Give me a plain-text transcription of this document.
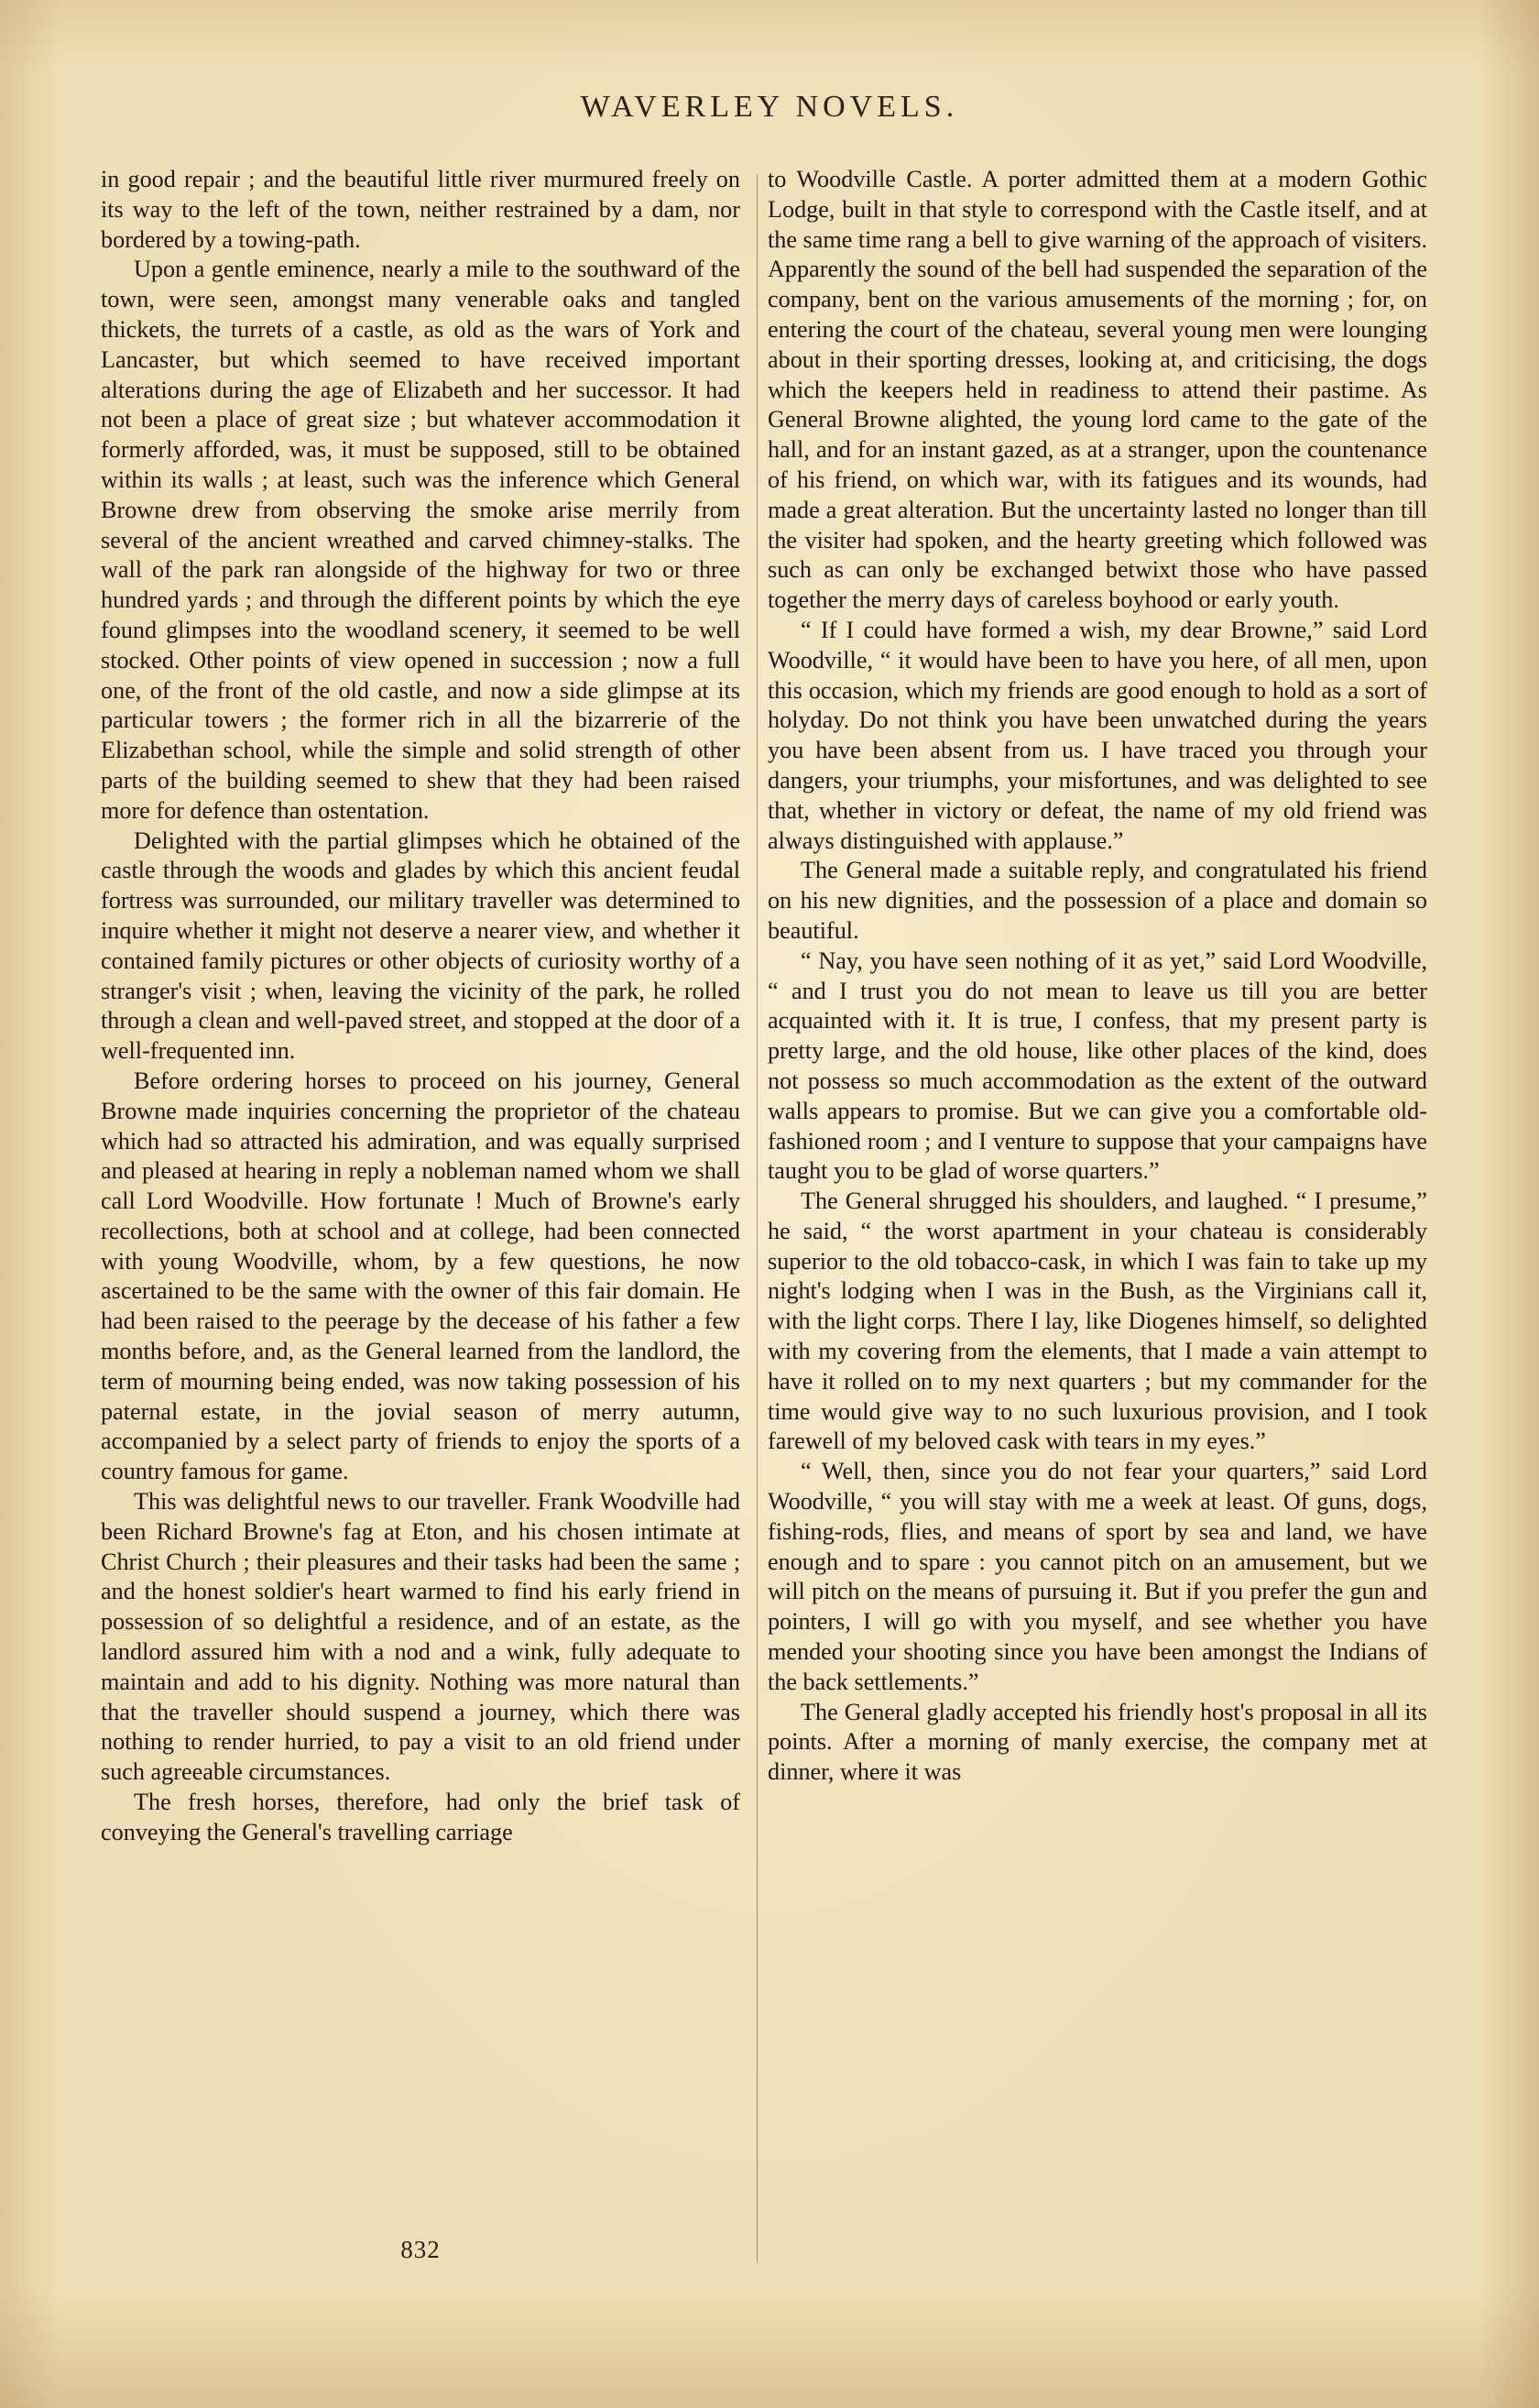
WAVERLEY NOVELS.

in good repair ; and the beautiful little river murmured freely on its way to the left of the town, neither restrained by a dam, nor bordered by a towing-path.

Upon a gentle eminence, nearly a mile to the southward of the town, were seen, amongst many venerable oaks and tangled thickets, the turrets of a castle, as old as the wars of York and Lancaster, but which seemed to have received important alterations during the age of Elizabeth and her successor. It had not been a place of great size ; but whatever accommodation it formerly afforded, was, it must be supposed, still to be obtained within its walls ; at least, such was the inference which General Browne drew from observing the smoke arise merrily from several of the ancient wreathed and carved chimney-stalks. The wall of the park ran alongside of the highway for two or three hundred yards ; and through the different points by which the eye found glimpses into the woodland scenery, it seemed to be well stocked. Other points of view opened in succession ; now a full one, of the front of the old castle, and now a side glimpse at its particular towers ; the former rich in all the bizarrerie of the Elizabethan school, while the simple and solid strength of other parts of the building seemed to shew that they had been raised more for defence than ostentation.

Delighted with the partial glimpses which he obtained of the castle through the woods and glades by which this ancient feudal fortress was surrounded, our military traveller was determined to inquire whether it might not deserve a nearer view, and whether it contained family pictures or other objects of curiosity worthy of a stranger's visit ; when, leaving the vicinity of the park, he rolled through a clean and well-paved street, and stopped at the door of a well-frequented inn.

Before ordering horses to proceed on his journey, General Browne made inquiries concerning the proprietor of the chateau which had so attracted his admiration, and was equally surprised and pleased at hearing in reply a nobleman named whom we shall call Lord Woodville. How fortunate ! Much of Browne's early recollections, both at school and at college, had been connected with young Woodville, whom, by a few questions, he now ascertained to be the same with the owner of this fair domain. He had been raised to the peerage by the decease of his father a few months before, and, as the General learned from the landlord, the term of mourning being ended, was now taking possession of his paternal estate, in the jovial season of merry autumn, accompanied by a select party of friends to enjoy the sports of a country famous for game.

This was delightful news to our traveller. Frank Woodville had been Richard Browne's fag at Eton, and his chosen intimate at Christ Church ; their pleasures and their tasks had been the same ; and the honest soldier's heart warmed to find his early friend in possession of so delightful a residence, and of an estate, as the landlord assured him with a nod and a wink, fully adequate to maintain and add to his dignity. Nothing was more natural than that the traveller should suspend a journey, which there was nothing to render hurried, to pay a visit to an old friend under such agreeable circumstances.

The fresh horses, therefore, had only the brief task of conveying the General's travelling carriage

to Woodville Castle. A porter admitted them at a modern Gothic Lodge, built in that style to correspond with the Castle itself, and at the same time rang a bell to give warning of the approach of visiters. Apparently the sound of the bell had suspended the separation of the company, bent on the various amusements of the morning ; for, on entering the court of the chateau, several young men were lounging about in their sporting dresses, looking at, and criticising, the dogs which the keepers held in readiness to attend their pastime. As General Browne alighted, the young lord came to the gate of the hall, and for an instant gazed, as at a stranger, upon the countenance of his friend, on which war, with its fatigues and its wounds, had made a great alteration. But the uncertainty lasted no longer than till the visiter had spoken, and the hearty greeting which followed was such as can only be exchanged betwixt those who have passed together the merry days of careless boyhood or early youth.

“ If I could have formed a wish, my dear Browne,” said Lord Woodville, “ it would have been to have you here, of all men, upon this occasion, which my friends are good enough to hold as a sort of holyday. Do not think you have been unwatched during the years you have been absent from us. I have traced you through your dangers, your triumphs, your misfortunes, and was delighted to see that, whether in victory or defeat, the name of my old friend was always distinguished with applause.”

The General made a suitable reply, and congratulated his friend on his new dignities, and the possession of a place and domain so beautiful.

“ Nay, you have seen nothing of it as yet,” said Lord Woodville, “ and I trust you do not mean to leave us till you are better acquainted with it. It is true, I confess, that my present party is pretty large, and the old house, like other places of the kind, does not possess so much accommodation as the extent of the outward walls appears to promise. But we can give you a comfortable old-fashioned room ; and I venture to suppose that your campaigns have taught you to be glad of worse quarters.”

The General shrugged his shoulders, and laughed. “ I presume,” he said, “ the worst apartment in your chateau is considerably superior to the old tobacco-cask, in which I was fain to take up my night's lodging when I was in the Bush, as the Virginians call it, with the light corps. There I lay, like Diogenes himself, so delighted with my covering from the elements, that I made a vain attempt to have it rolled on to my next quarters ; but my commander for the time would give way to no such luxurious provision, and I took farewell of my beloved cask with tears in my eyes.”

“ Well, then, since you do not fear your quarters,” said Lord Woodville, “ you will stay with me a week at least. Of guns, dogs, fishing-rods, flies, and means of sport by sea and land, we have enough and to spare : you cannot pitch on an amusement, but we will pitch on the means of pursuing it. But if you prefer the gun and pointers, I will go with you myself, and see whether you have mended your shooting since you have been amongst the Indians of the back settlements.”

The General gladly accepted his friendly host's proposal in all its points. After a morning of manly exercise, the company met at dinner, where it was

832
